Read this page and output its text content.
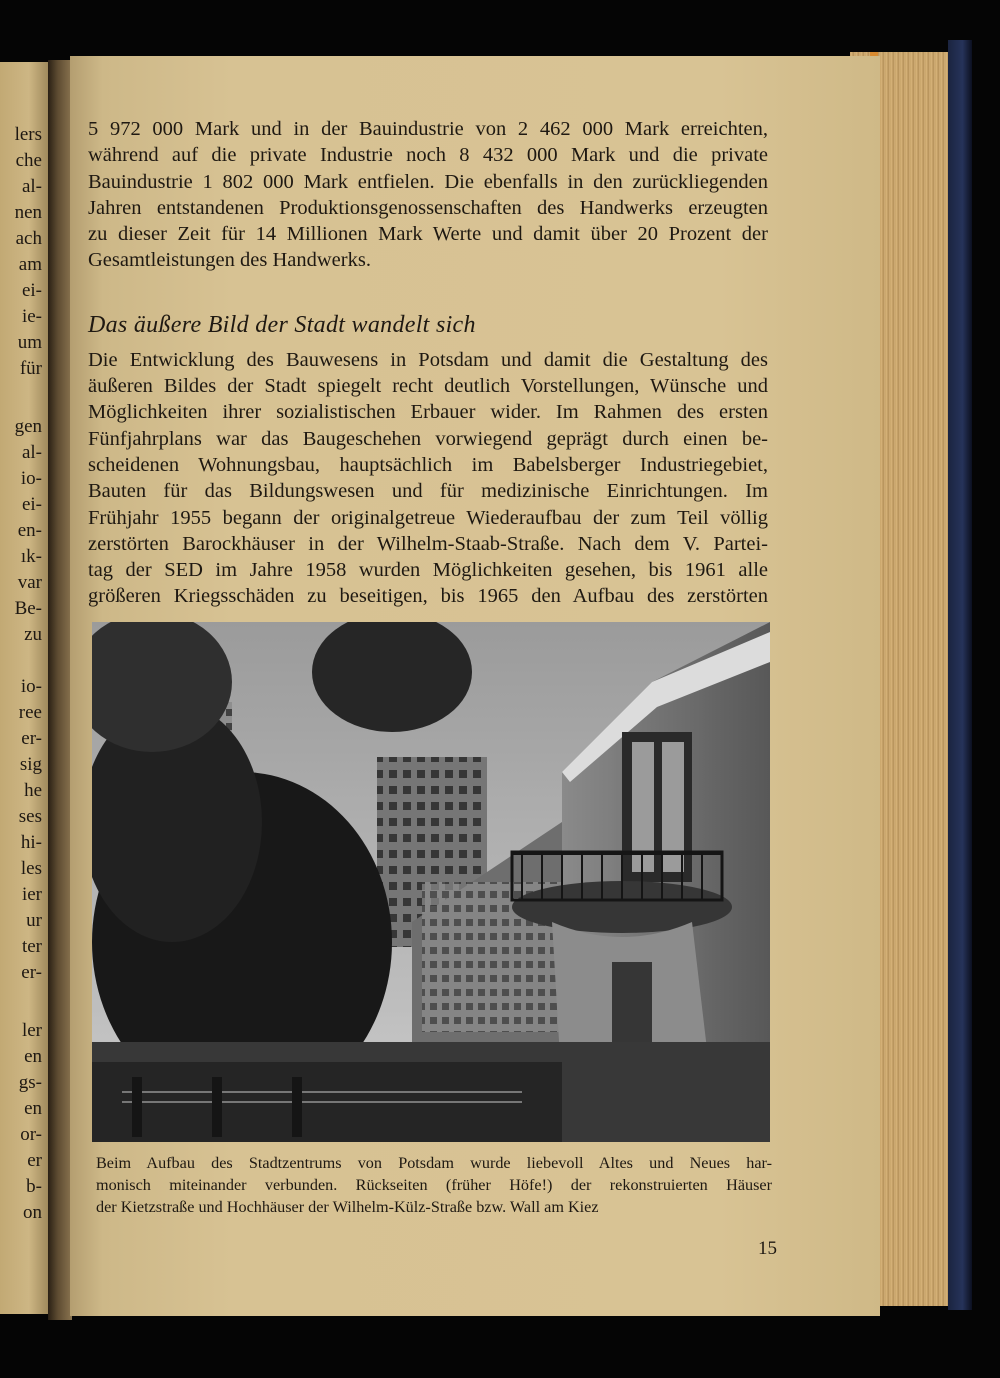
lers
che
al-
nen
ach
am
ei-
ie-
um
für
gen
al-
io-
ei-
en-
ık-
var
Be-
zu
io-
ree
er-
sig
he
ses
hi-
les
ier
ur
ter
er-
ler
en
gs-
en
or-
er
b-
on

5 972 000 Mark und in der Bauindustrie von 2 462 000 Mark erreichten,
während auf die private Industrie noch 8 432 000 Mark und die private
Bauindustrie 1 802 000 Mark entfielen. Die ebenfalls in den zurückliegenden
Jahren entstandenen Produktionsgenossenschaften des Handwerks erzeugten
zu dieser Zeit für 14 Millionen Mark Werte und damit über 20 Prozent der
Gesamtleistungen des Handwerks.

Das äußere Bild der Stadt wandelt sich

Die Entwicklung des Bauwesens in Potsdam und damit die Gestaltung des
äußeren Bildes der Stadt spiegelt recht deutlich Vorstellungen, Wünsche und
Möglichkeiten ihrer sozialistischen Erbauer wider. Im Rahmen des ersten
Fünfjahrplans war das Baugeschehen vorwiegend geprägt durch einen be-
scheidenen Wohnungsbau, hauptsächlich im Babelsberger Industriegebiet,
Bauten für das Bildungswesen und für medizinische Einrichtungen. Im
Frühjahr 1955 begann der originalgetreue Wiederaufbau der zum Teil völlig
zerstörten Barockhäuser in der Wilhelm-Staab-Straße. Nach dem V. Partei-
tag der SED im Jahre 1958 wurden Möglichkeiten gesehen, bis 1961 alle
größeren Kriegsschäden zu beseitigen, bis 1965 den Aufbau des zerstörten

Beim Aufbau des Stadtzentrums von Potsdam wurde liebevoll Altes und Neues har-
monisch miteinander verbunden. Rückseiten (früher Höfe!) der rekonstruierten Häuser
der Kietzstraße und Hochhäuser der Wilhelm-Külz-Straße bzw. Wall am Kiez
15
